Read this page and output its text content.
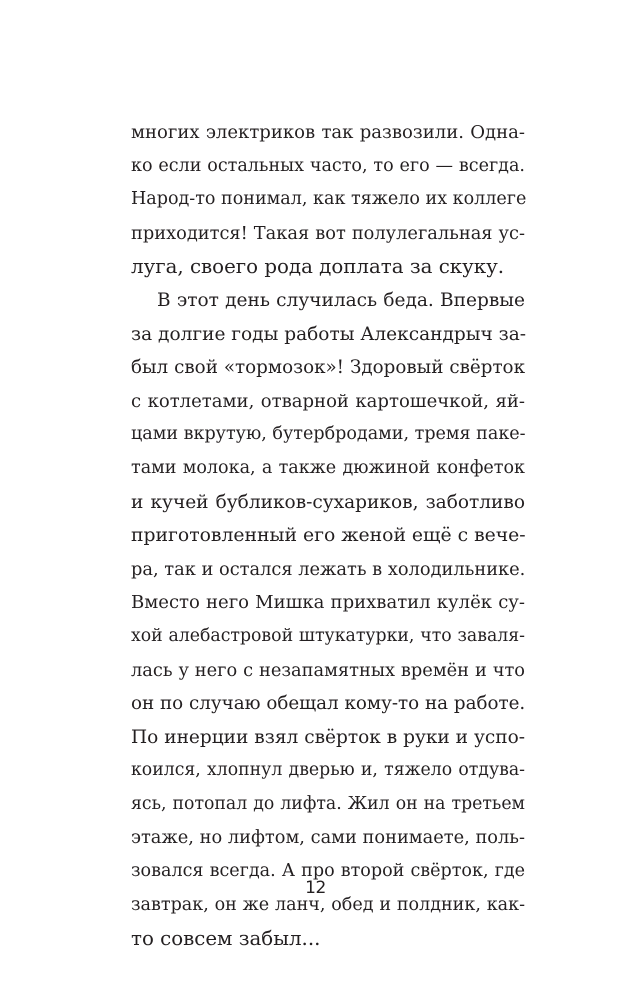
многих электриков так развозили. Одна-
ко если остальных часто, то его — всегда.
Народ-то понимал, как тяжело их коллеге
приходится! Такая вот полулегальная ус-
луга, своего рода доплата за скуку.

В этот день случилась беда. Впервые
за долгие годы работы Александрыч за-
был свой «тормозок»! Здоровый свёрток
с котлетами, отварной картошечкой, яй-
цами вкрутую, бутербродами, тремя паке-
тами молока, а также дюжиной конфеток
и кучей бубликов-сухариков, заботливо
приготовленный его женой ещё с вече-
ра, так и остался лежать в холодильнике.
Вместо него Мишка прихватил кулёк су-
хой алебастровой штукатурки, что заваля-
лась у него с незапамятных времён и что
он по случаю обещал кому-то на работе.
По инерции взял свёрток в руки и успо-
коился, хлопнул дверью и, тяжело отдува-
ясь, потопал до лифта. Жил он на третьем
этаже, но лифтом, сами понимаете, поль-
зовался всегда. А про второй свёрток, где
завтрак, он же ланч, обед и полдник, как-
то совсем забыл...

12
